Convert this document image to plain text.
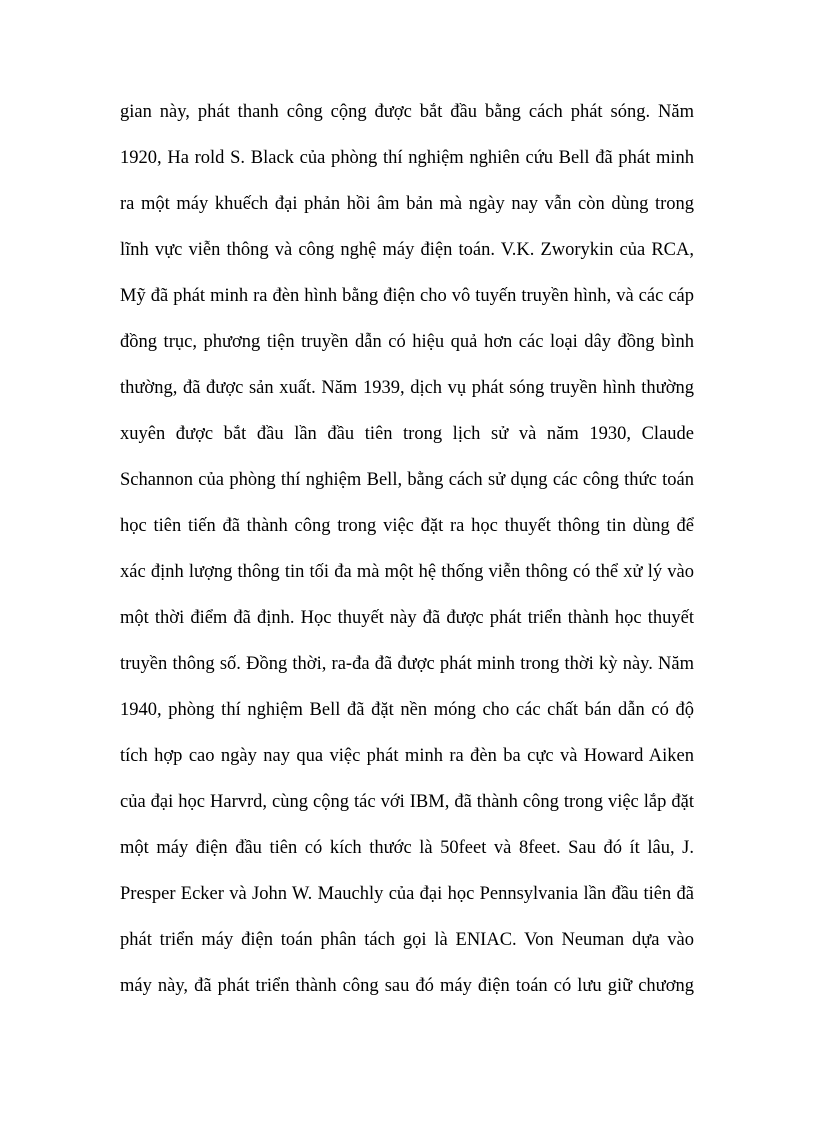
gian này, phát thanh công cộng được bắt đầu bằng cách phát sóng. Năm
1920, Ha rold S. Black của phòng thí nghiệm nghiên cứu Bell đã phát minh
ra một máy khuếch đại phản hồi âm bản mà ngày nay vẫn còn dùng trong
lĩnh vực viễn thông và công nghệ máy điện toán. V.K. Zworykin của RCA,
Mỹ đã phát minh ra đèn hình bằng điện cho vô tuyến truyền hình, và các cáp
đồng trục, phương tiện truyền dẫn có hiệu quả hơn các loại dây đồng bình
thường, đã được sản xuất. Năm 1939, dịch vụ phát sóng truyền hình thường
xuyên được bắt đầu lần đầu tiên trong lịch sử và năm 1930, Claude
Schannon của phòng thí nghiệm Bell, bằng cách sử dụng các công thức toán
học tiên tiến đã thành công trong việc đặt ra học thuyết thông tin dùng để
xác định lượng thông tin tối đa mà một hệ thống viễn thông có thể xử lý vào
một thời điểm đã định. Học thuyết này đã được phát triển thành học thuyết
truyền thông số. Đồng thời, ra-đa đã được phát minh trong thời kỳ này. Năm
1940, phòng thí nghiệm Bell đã đặt nền móng cho các chất bán dẫn có độ
tích hợp cao ngày nay qua việc phát minh ra đèn ba cực và Howard Aiken
của đại học Harvrd, cùng cộng tác với IBM, đã thành công trong việc lắp đặt
một máy điện đầu tiên có kích thước là 50feet và 8feet. Sau đó ít lâu, J.
Presper Ecker và John W. Mauchly của đại học Pennsylvania lần đầu tiên đã
phát triển máy điện toán phân tách gọi là ENIAC. Von Neuman dựa vào
máy này, đã phát triển thành công sau đó máy điện toán có lưu giữ chương
